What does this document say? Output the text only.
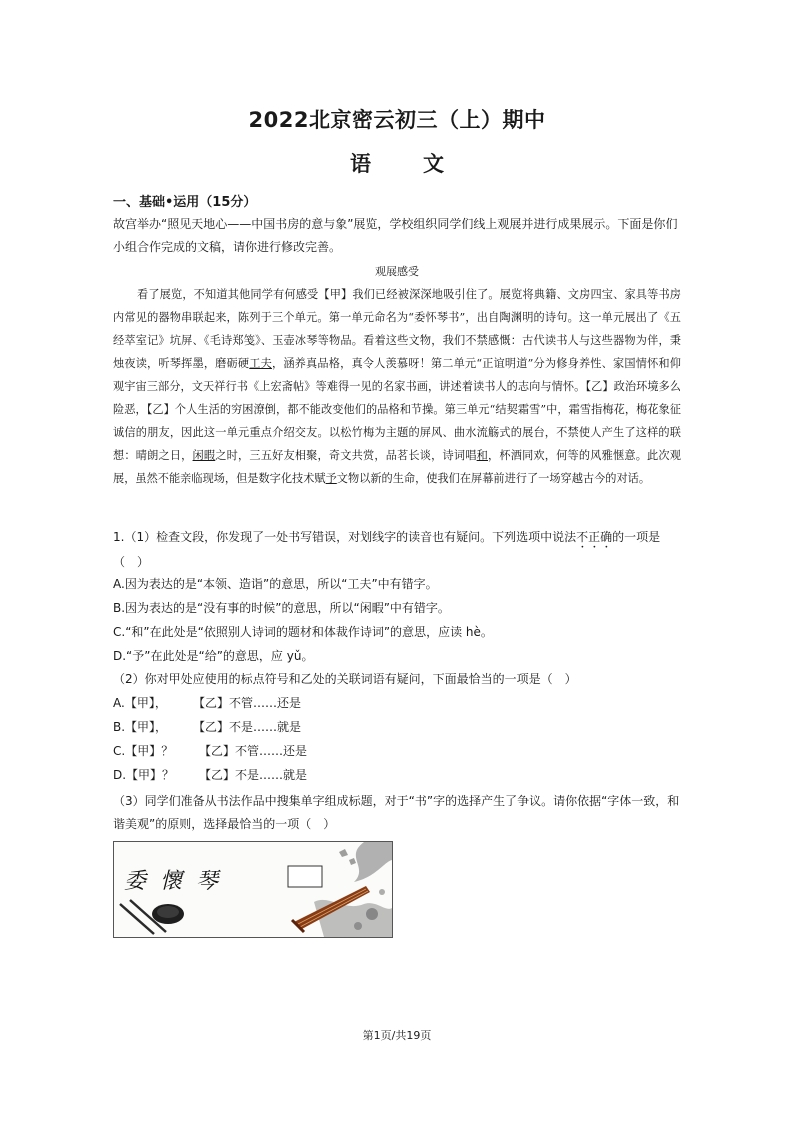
2022北京密云初三（上）期中
语 文
一、基础•运用（15分）
故宫举办“照见天地心——中国书房的意与象”展览，学校组织同学们线上观展并进行成果展示。下面是你们小组合作完成的文稿，请你进行修改完善。
观展感受
看了展览，不知道其他同学有何感受【甲】我们已经被深深地吸引住了。展览将典籍、文房四宝、家具等书房内常见的器物串联起来，陈列于三个单元。第一单元命名为“委怀琴书”，出自陶渊明的诗句。这一单元展出了《五经萃室记》坑屏、《毛诗郑笺》、玉壶冰琴等物品。看着这些文物，我们不禁感慨：古代读书人与这些器物为伴，秉烛夜读，听琴挥墨，磨砺硬工夫，涵养真品格，真令人羡慕呀！第二单元“正谊明道”分为修身养性、家国情怀和仰观宇宙三部分，文天祥行书《上宏斋帖》等难得一见的名家书画，讲述着读书人的志向与情怀。【乙】政治环境多么险恶，【乙】个人生活的穷困潦倒，都不能改变他们的品格和节操。第三单元“结契霜雪”中，霜雪指梅花，梅花象征诚信的朋友，因此这一单元重点介绍交友。以松竹梅为主题的屏风、曲水流觞式的展台，不禁使人产生了这样的联想：晴朗之日，闲暇之时，三五好友相聚，奇文共赏，品茗长谈，诗词唱和，杯酒同欢，何等的风雅惬意。此次观展，虽然不能亲临现场，但是数字化技术赋予文物以新的生命，使我们在屏幕前进行了一场穿越古今的对话。
1.（1）检查文段，你发现了一处书写错误，对划线字的读音也有疑问。下列选项中说法不正确的一项是（　）
A.因为表达的是“本领、造诣”的意思，所以“工夫”中有错字。
B.因为表达的是“没有事的时候”的意思，所以“闲暇”中有错字。
C.“和”在此处是“依照别人诗词的题材和体裁作诗词”的意思，应读 hè。
D.“予”在此处是“给”的意思，应 yǔ。
（2）你对甲处应使用的标点符号和乙处的关联词语有疑问，下面最恰当的一项是（　）
A.【甲】， 【乙】不管……还是
B.【甲】， 【乙】不是……就是
C.【甲】？ 【乙】不管……还是
D.【甲】？ 【乙】不是……就是
（3）同学们准备从书法作品中搜集单字组成标题，对于“书”字的选择产生了争议。请你依据“字体一致，和谐美观”的原则，选择最恰当的一项（　）
委懷琴
第1页/共19页
